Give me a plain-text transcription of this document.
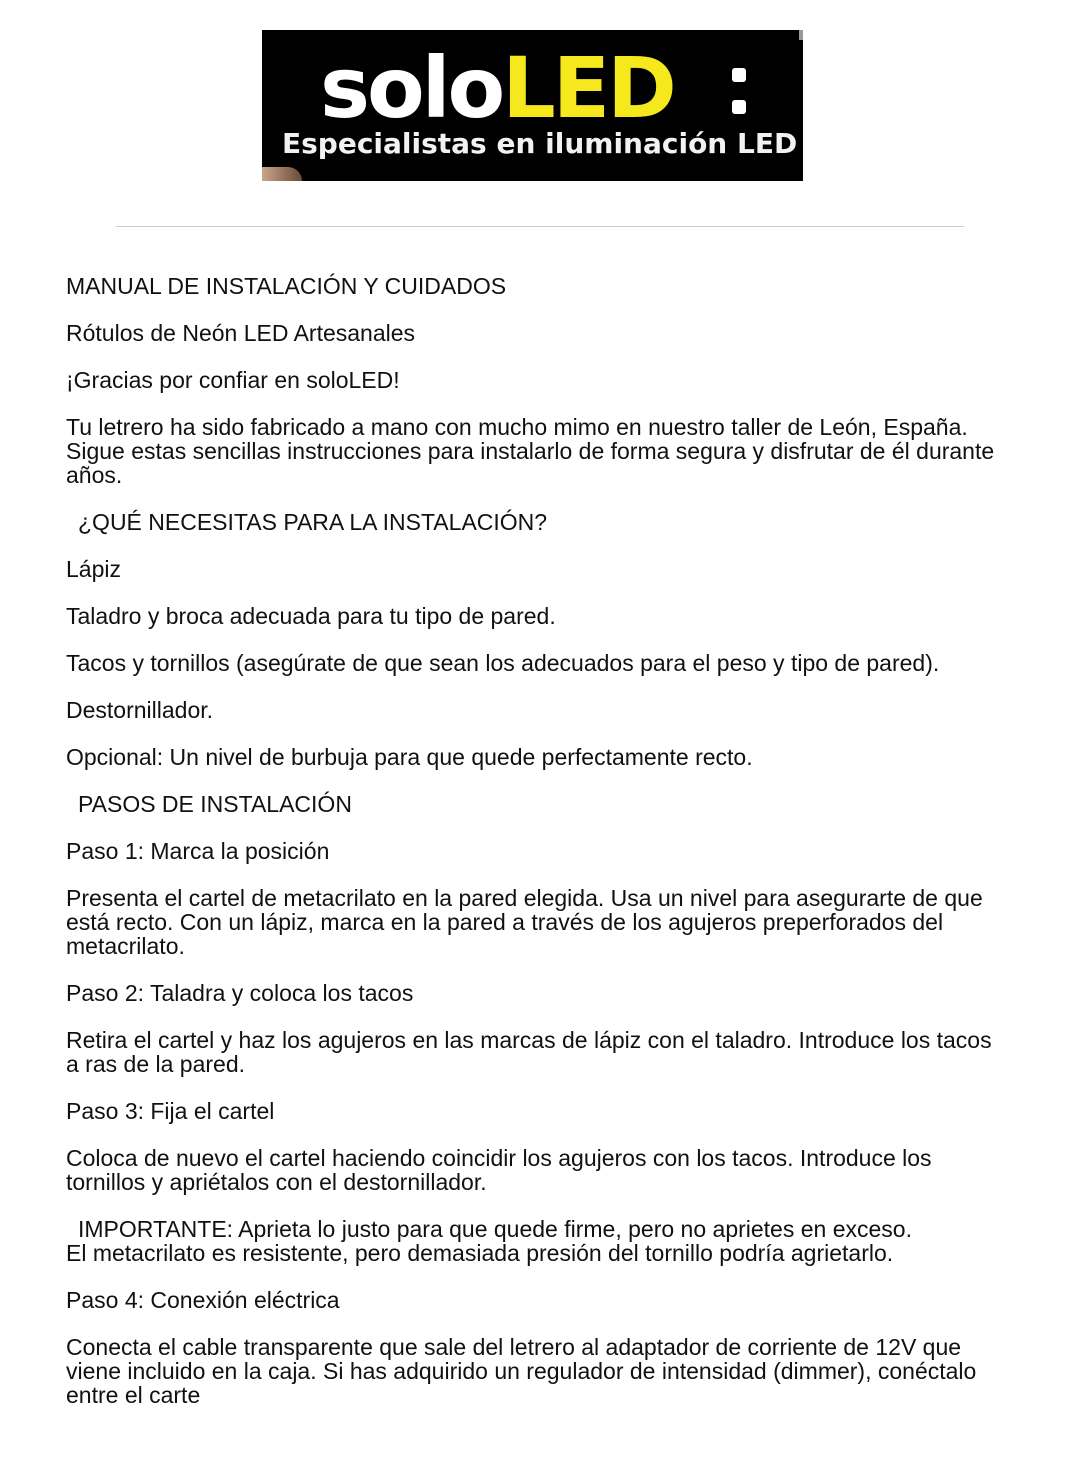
soloLED
Especialistas en iluminación LED

MANUAL DE INSTALACIÓN Y CUIDADOS

Rótulos de Neón LED Artesanales

¡Gracias por confiar en soloLED!

Tu letrero ha sido fabricado a mano con mucho mimo en nuestro taller de León, España. Sigue estas sencillas instrucciones para instalarlo de forma segura y disfrutar de él durante años.

¿QUÉ NECESITAS PARA LA INSTALACIÓN?

Lápiz

Taladro y broca adecuada para tu tipo de pared.

Tacos y tornillos (asegúrate de que sean los adecuados para el peso y tipo de pared).

Destornillador.

Opcional: Un nivel de burbuja para que quede perfectamente recto.

PASOS DE INSTALACIÓN

Paso 1: Marca la posición

Presenta el cartel de metacrilato en la pared elegida. Usa un nivel para asegurarte de que está recto. Con un lápiz, marca en la pared a través de los agujeros preperforados del metacrilato.

Paso 2: Taladra y coloca los tacos

Retira el cartel y haz los agujeros en las marcas de lápiz con el taladro. Introduce los tacos a ras de la pared.

Paso 3: Fija el cartel

Coloca de nuevo el cartel haciendo coincidir los agujeros con los tacos. Introduce los tornillos y apriétalos con el destornillador.

IMPORTANTE: Aprieta lo justo para que quede firme, pero no aprietes en exceso.
El metacrilato es resistente, pero demasiada presión del tornillo podría agrietarlo.

Paso 4: Conexión eléctrica

Conecta el cable transparente que sale del letrero al adaptador de corriente de 12V que viene incluido en la caja. Si has adquirido un regulador de intensidad (dimmer), conéctalo entre el carte
